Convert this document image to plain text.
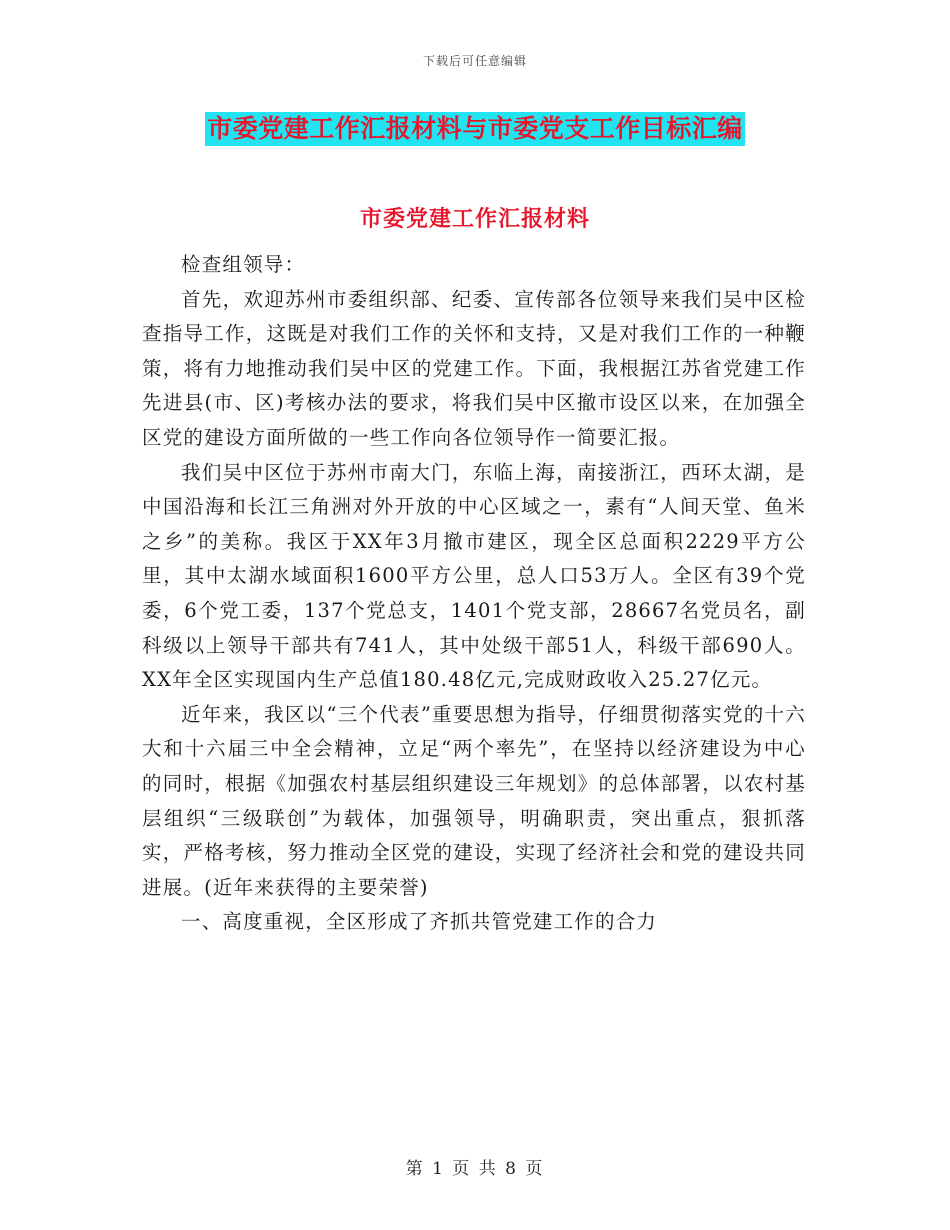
下载后可任意编辑
市委党建工作汇报材料与市委党支工作目标汇编
市委党建工作汇报材料

检查组领导：

首先，欢迎苏州市委组织部、纪委、宣传部各位领导来我们吴中区检查指导工作，这既是对我们工作的关怀和支持，又是对我们工作的一种鞭策，将有力地推动我们吴中区的党建工作。下面，我根据江苏省党建工作先进县(市、区)考核办法的要求，将我们吴中区撤市设区以来，在加强全区党的建设方面所做的一些工作向各位领导作一简要汇报。

我们吴中区位于苏州市南大门，东临上海，南接浙江，西环太湖，是中国沿海和长江三角洲对外开放的中心区域之一，素有“人间天堂、鱼米之乡”的美称。我区于XX年3月撤市建区，现全区总面积2229平方公里，其中太湖水域面积1600平方公里，总人口53万人。全区有39个党委，6个党工委，137个党总支，1401个党支部，28667名党员名，副科级以上领导干部共有741人，其中处级干部51人，科级干部690人。XX年全区实现国内生产总值180.48亿元,完成财政收入25.27亿元。

近年来，我区以“三个代表”重要思想为指导，仔细贯彻落实党的十六大和十六届三中全会精神，立足“两个率先”，在坚持以经济建设为中心的同时，根据《加强农村基层组织建设三年规划》的总体部署，以农村基层组织“三级联创”为载体，加强领导，明确职责，突出重点，狠抓落实，严格考核，努力推动全区党的建设，实现了经济社会和党的建设共同进展。(近年来获得的主要荣誉)

一、高度重视，全区形成了齐抓共管党建工作的合力

第 1 页 共 8 页
